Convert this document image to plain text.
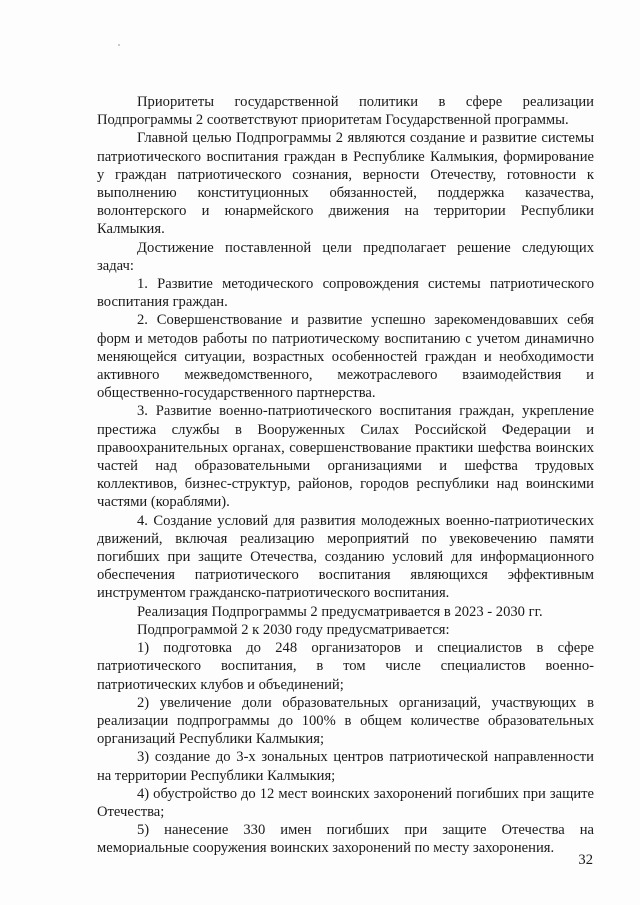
Приоритеты государственной политики в сфере реализации Подпрограммы 2 соответствуют приоритетам Государственной программы.

Главной целью Подпрограммы 2 являются создание и развитие системы патриотического воспитания граждан в Республике Калмыкия, формирование у граждан патриотического сознания, верности Отечеству, готовности к выполнению конституционных обязанностей, поддержка казачества, волонтерского и юнармейского движения на территории Республики Калмыкия.

Достижение поставленной цели предполагает решение следующих задач:

1. Развитие методического сопровождения системы патриотического воспитания граждан.

2. Совершенствование и развитие успешно зарекомендовавших себя форм и методов работы по патриотическому воспитанию с учетом динамично меняющейся ситуации, возрастных особенностей граждан и необходимости активного межведомственного, межотраслевого взаимодействия и общественно-государственного партнерства.

3. Развитие военно-патриотического воспитания граждан, укрепление престижа службы в Вооруженных Силах Российской Федерации и правоохранительных органах, совершенствование практики шефства воинских частей над образовательными организациями и шефства трудовых коллективов, бизнес-структур, районов, городов республики над воинскими частями (кораблями).

4. Создание условий для развития молодежных военно-патриотических движений, включая реализацию мероприятий по увековечению памяти погибших при защите Отечества, созданию условий для информационного обеспечения патриотического воспитания являющихся эффективным инструментом гражданско-патриотического воспитания.

Реализация Подпрограммы 2 предусматривается в 2023 - 2030 гг.

Подпрограммой 2 к 2030 году предусматривается:

1) подготовка до 248 организаторов и специалистов в сфере патриотического воспитания, в том числе специалистов военно-патриотических клубов и объединений;

2) увеличение доли образовательных организаций, участвующих в реализации подпрограммы до 100% в общем количестве образовательных организаций Республики Калмыкия;

3) создание до 3-х зональных центров патриотической направленности на территории Республики Калмыкия;

4) обустройство до 12 мест воинских захоронений погибших при защите Отечества;

5) нанесение 330 имен погибших при защите Отечества на мемориальные сооружения воинских захоронений по месту захоронения.

32
